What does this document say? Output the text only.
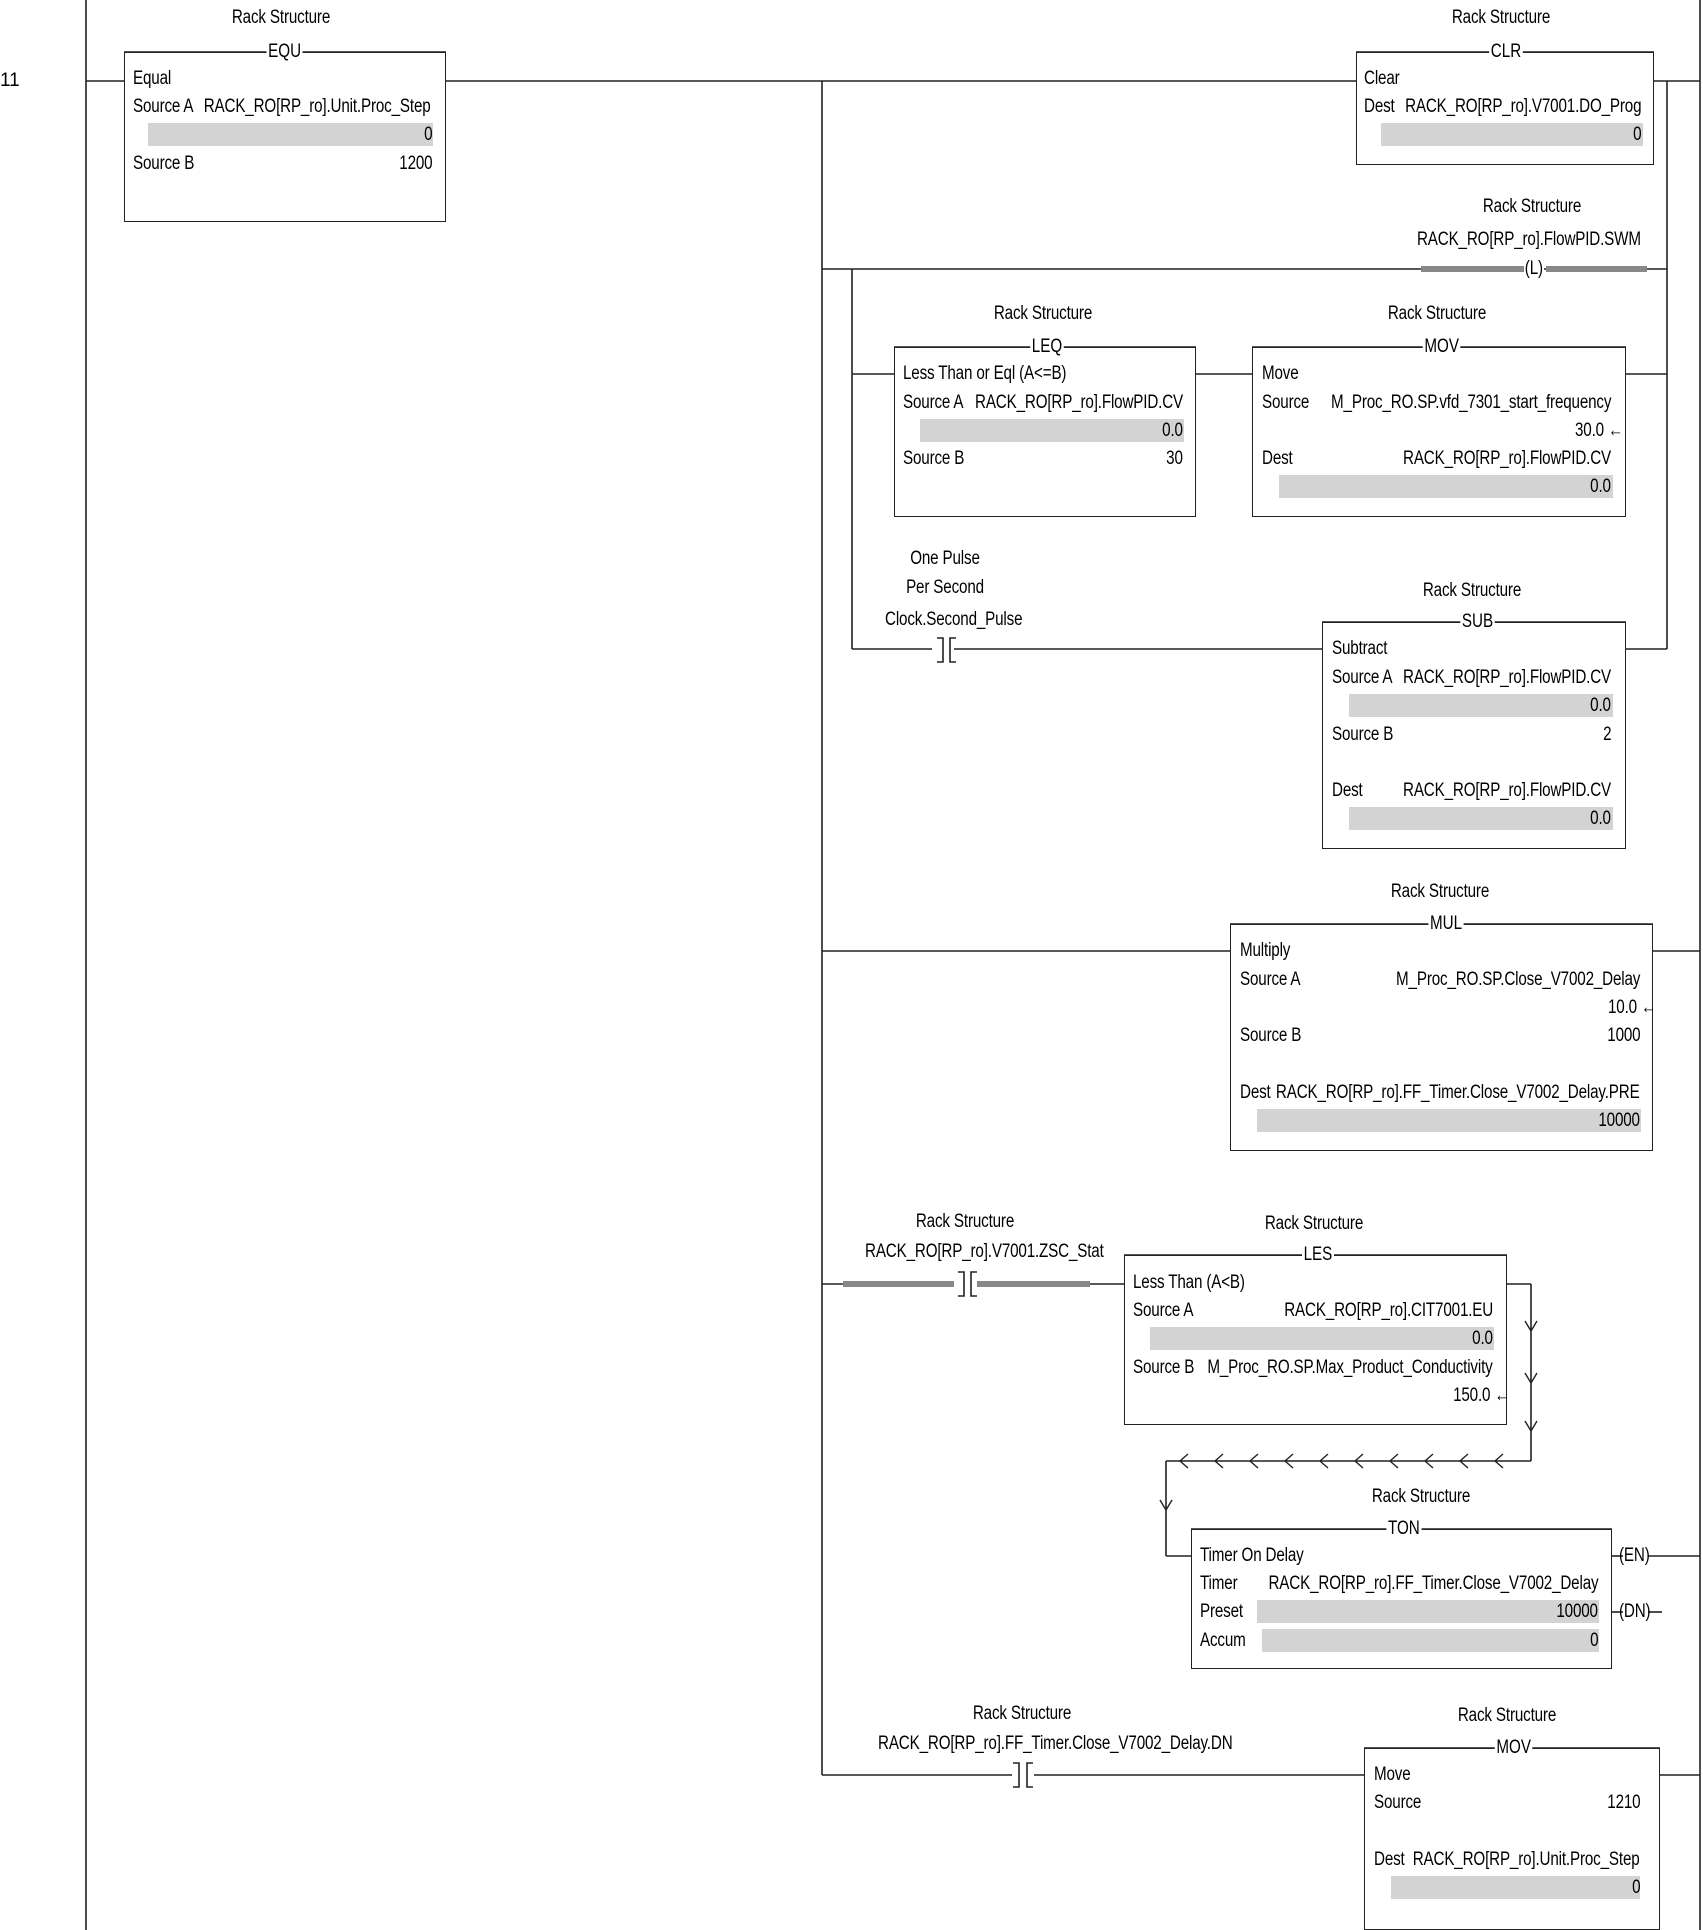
11
Rack Structure
EQU
Equal
Source A RACK_RO[RP_ro].Unit.Proc_Step
0
Source B	1200
Rack Structure
CLR
Clear
Dest RACK_RO[RP_ro].V7001.DO_Prog
0
Rack Structure
RACK_RO[RP_ro].FlowPID.SWM
(L)
Rack Structure
LEQ
Less Than or Eql (A<=B)
Source A RACK_RO[RP_ro].FlowPID.CV
0.0
Source B	30
Rack Structure
MOV
Move
Source M_Proc_RO.SP.vfd_7301_start_frequency
30.0 ←
Dest	RACK_RO[RP_ro].FlowPID.CV
0.0
One Pulse
Per Second
Clock.Second_Pulse
Rack Structure
SUB
Subtract
Source A RACK_RO[RP_ro].FlowPID.CV
0.0
Source B	2
Dest RACK_RO[RP_ro].FlowPID.CV
0.0
Rack Structure
MUL
Multiply
Source A	M_Proc_RO.SP.Close_V7002_Delay
10.0 ←
Source B	1000
Dest RACK_RO[RP_ro].FF_Timer.Close_V7002_Delay.PRE
10000
Rack Structure
RACK_RO[RP_ro].V7001.ZSC_Stat
Rack Structure
LES
Less Than (A<B)
Source A	RACK_RO[RP_ro].CIT7001.EU
0.0
Source B M_Proc_RO.SP.Max_Product_Conductivity
150.0 ←
Rack Structure
TON
Timer On Delay
Timer RACK_RO[RP_ro].FF_Timer.Close_V7002_Delay
Preset	10000
Accum	0
(EN)
(DN)
Rack Structure
RACK_RO[RP_ro].FF_Timer.Close_V7002_Delay.DN
Rack Structure
MOV
Move
Source	1210
Dest RACK_RO[RP_ro].Unit.Proc_Step
0
